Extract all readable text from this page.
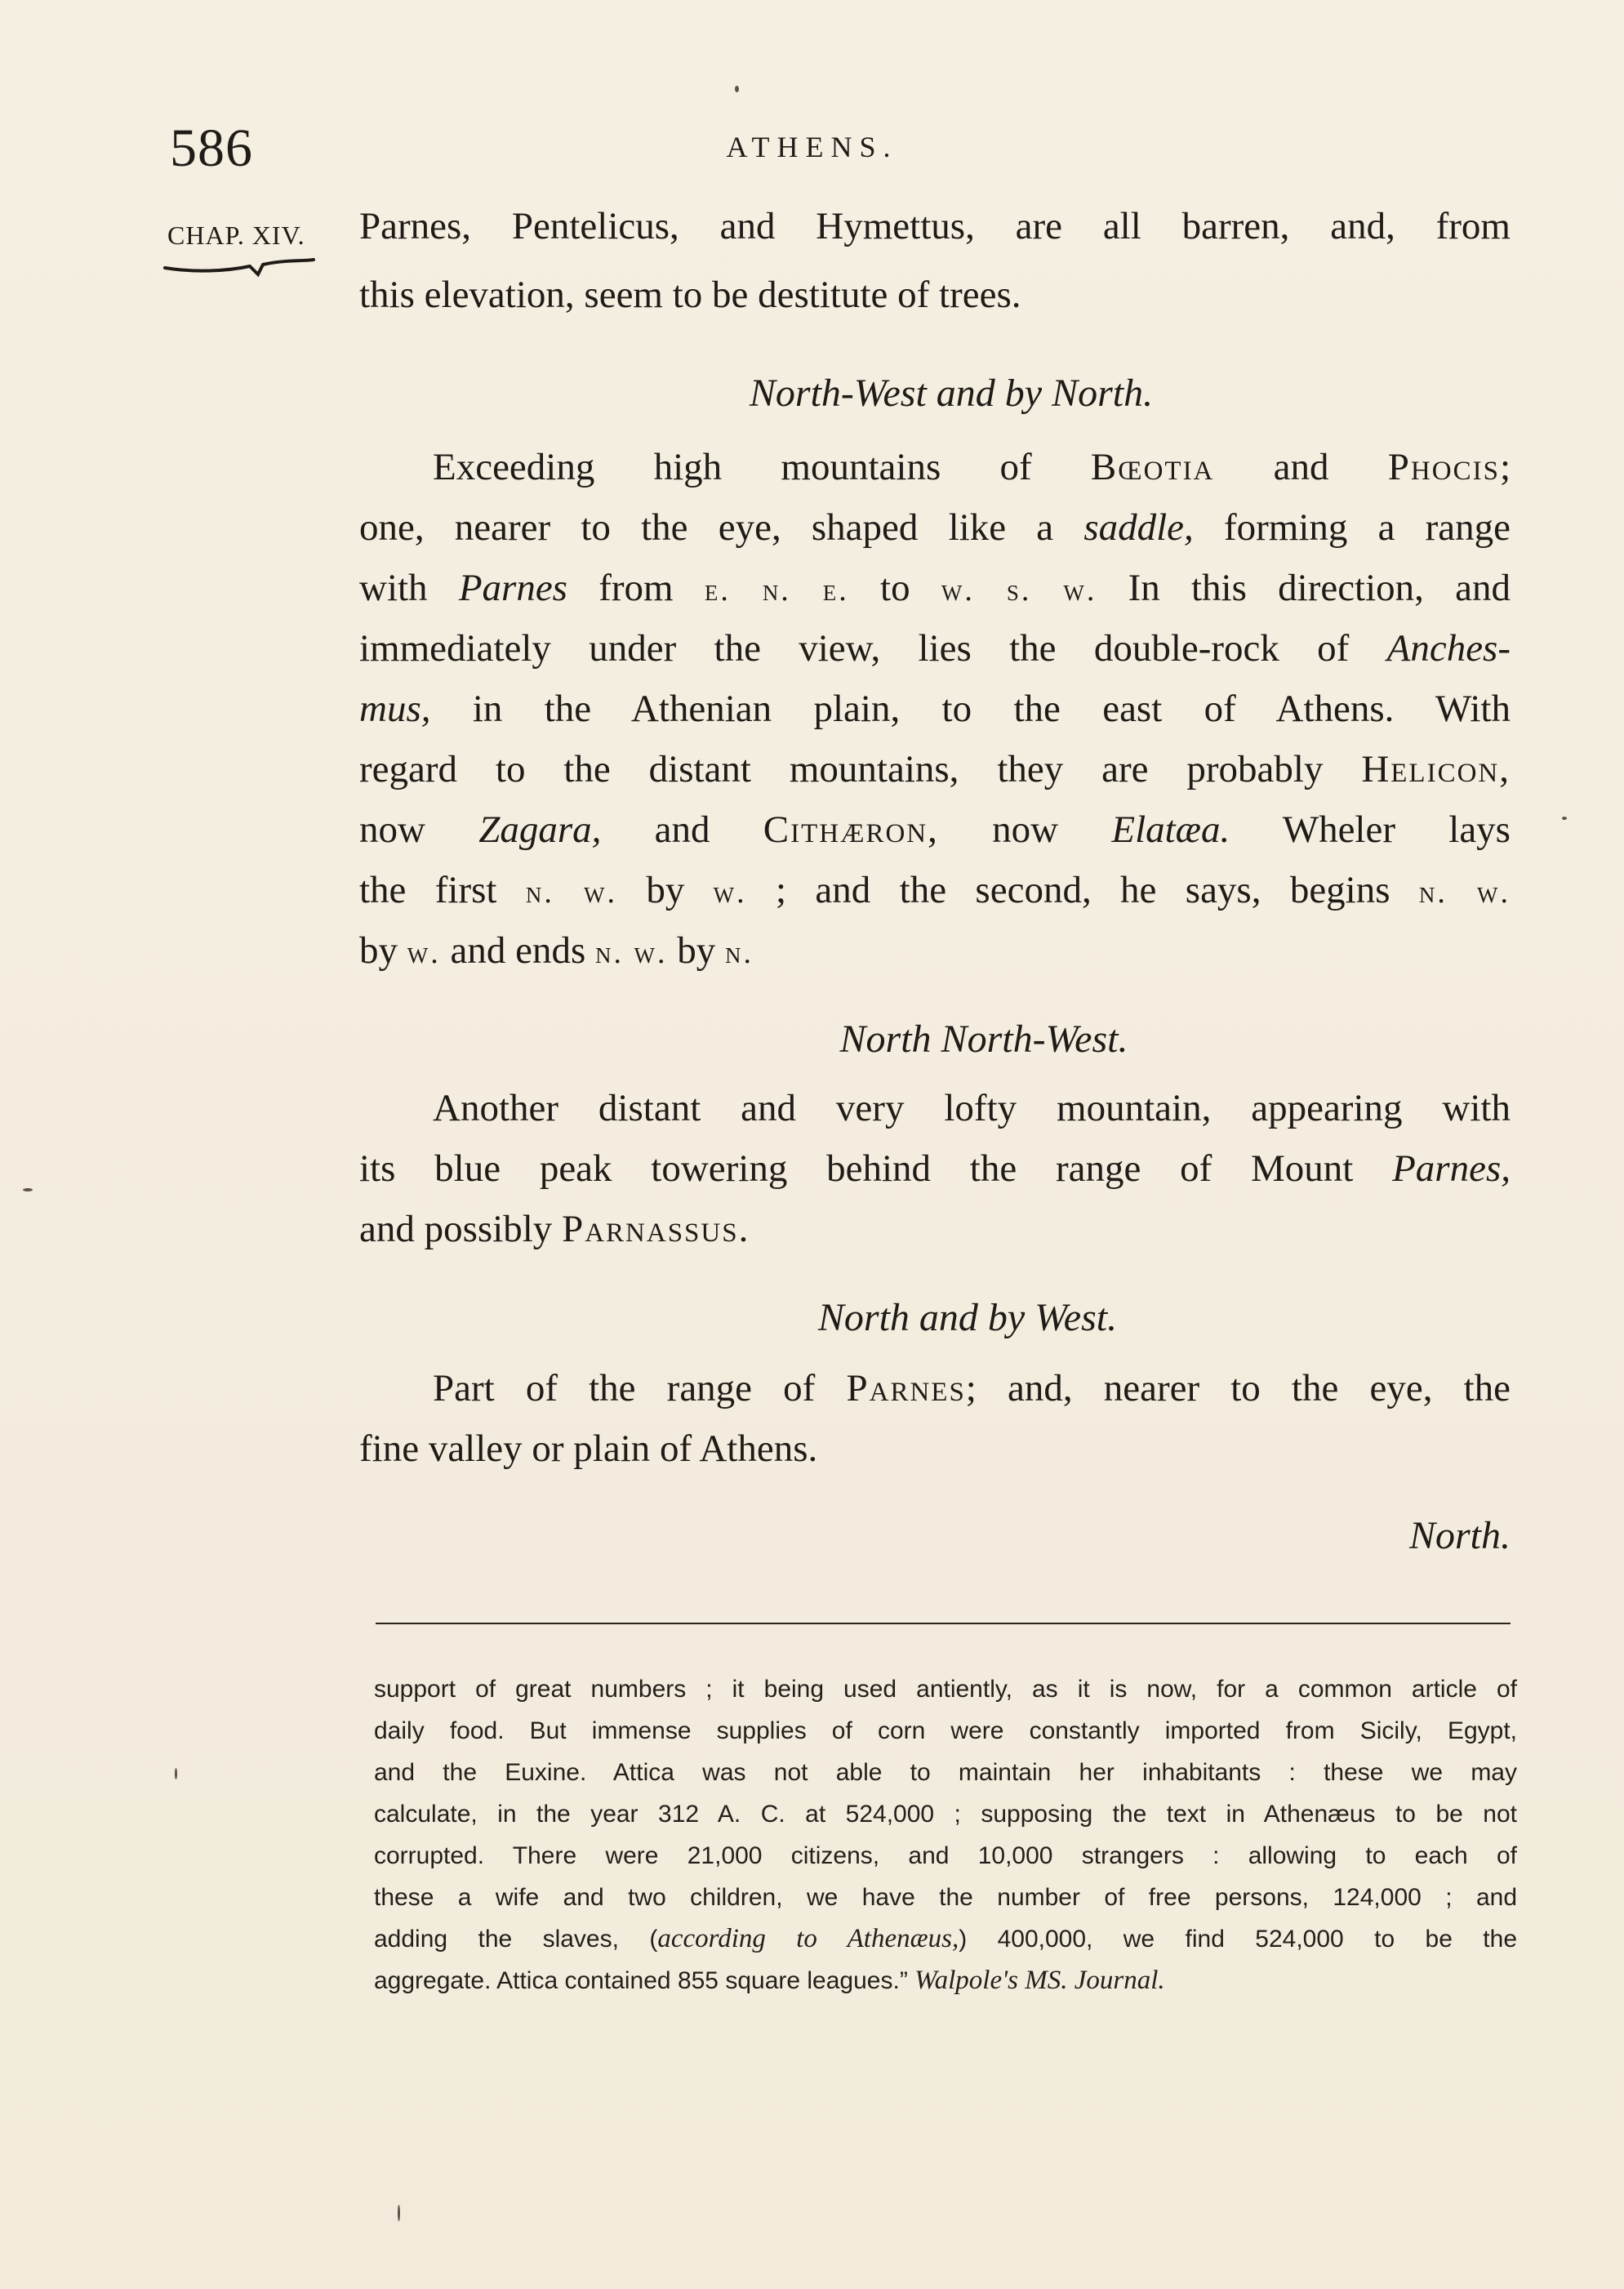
586	ATHENS.
CHAP. XIV. Parnes, Pentelicus, and Hymettus, are all barren, and, from
this elevation, seem to be destitute of trees.
North-West and by North.
Exceeding high mountains of Bœotia and Phocis;
one, nearer to the eye, shaped like a saddle, forming a range
with Parnes from e. n. e. to w. s. w. In this direction, and
immediately under the view, lies the double-rock of Anches-
mus, in the Athenian plain, to the east of Athens. With
regard to the distant mountains, they are probably Helicon,
now Zagara, and Cithæron, now Elatæa. Wheler lays
the first n. w. by w. ; and the second, he says, begins n. w.
by w. and ends n. w. by n.
North North-West.
Another distant and very lofty mountain, appearing with
its blue peak towering behind the range of Mount Parnes,
and possibly Parnassus.
North and by West.
Part of the range of Parnes; and, nearer to the eye, the
fine valley or plain of Athens.
North.
support of great numbers ; it being used antiently, as it is now, for a common article of
daily food. But immense supplies of corn were constantly imported from Sicily, Egypt,
and the Euxine. Attica was not able to maintain her inhabitants : these we may
calculate, in the year 312 A. C. at 524,000 ; supposing the text in Athenæus to be not
corrupted. There were 21,000 citizens, and 10,000 strangers : allowing to each of
these a wife and two children, we have the number of free persons, 124,000 ; and
adding the slaves, (according to Athenæus,) 400,000, we find 524,000 to be the
aggregate. Attica contained 855 square leagues.” Walpole's MS. Journal.
